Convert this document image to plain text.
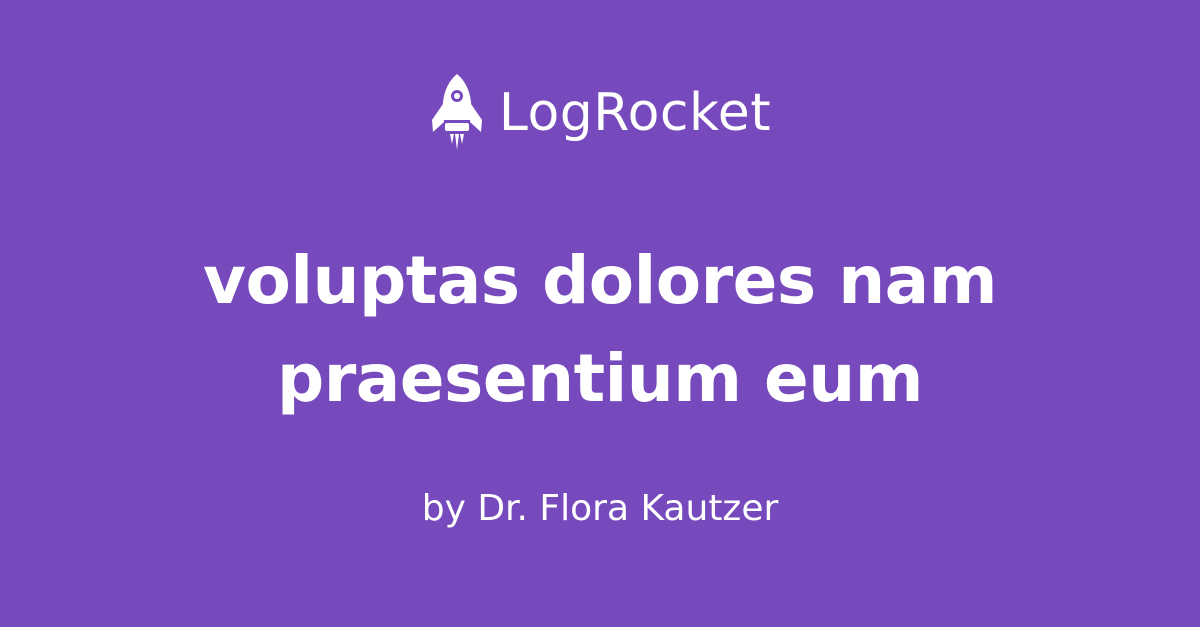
LogRocket
voluptas dolores nam praesentium eum
by Dr. Flora Kautzer
